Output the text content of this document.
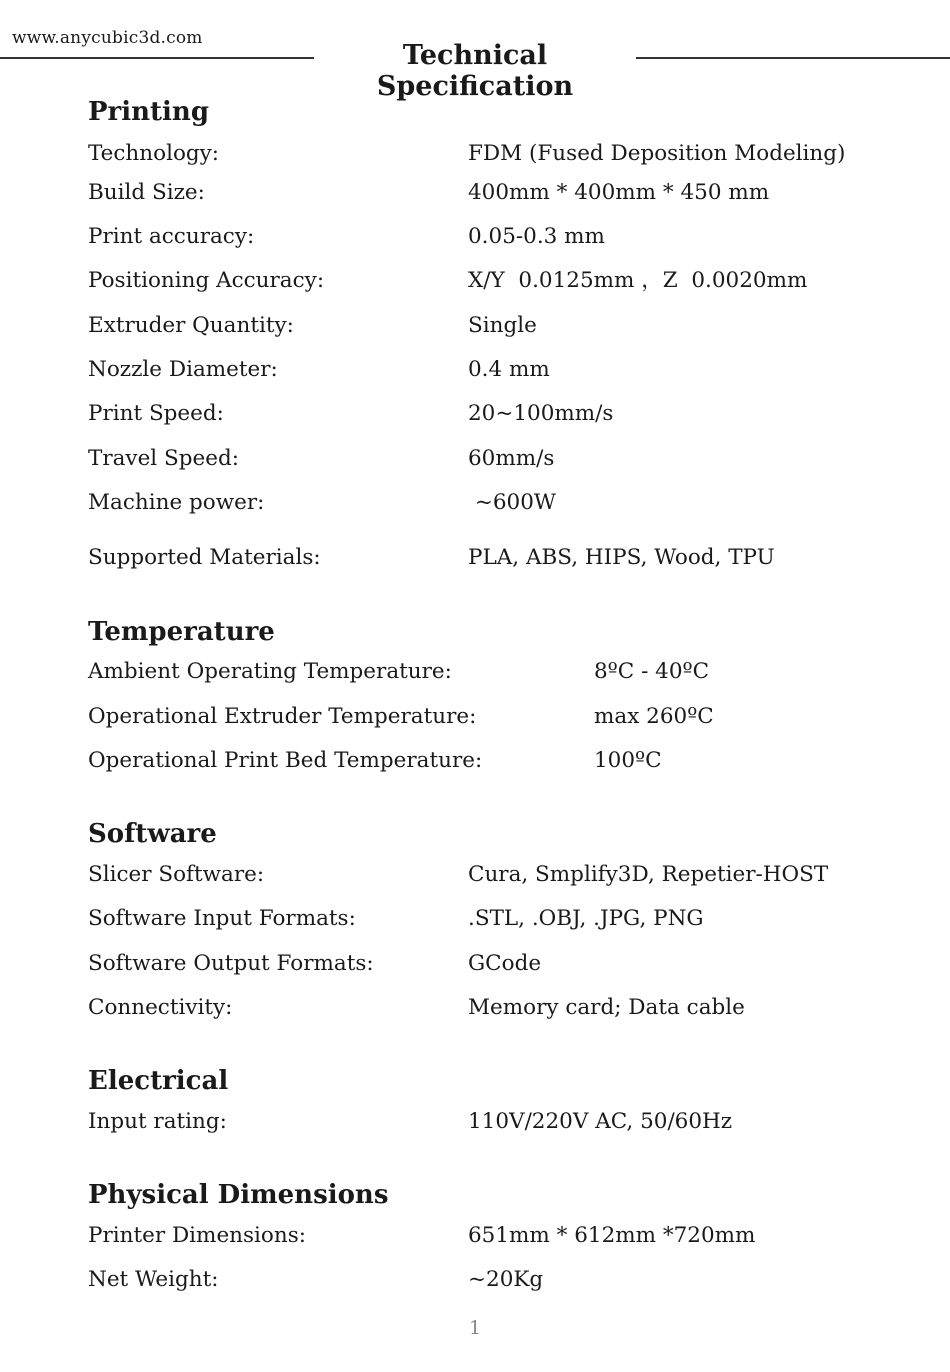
www.anycubic3d.com
Technical Specification
Printing
Technology:	FDM (Fused Deposition Modeling)
Build Size:	400mm * 400mm * 450 mm
Print accuracy:	0.05-0.3 mm
Positioning Accuracy:	X/Y  0.0125mm ，Z  0.0020mm
Extruder Quantity:	Single
Nozzle Diameter:	0.4 mm
Print Speed:	20~100mm/s
Travel Speed:	60mm/s
Machine power:	~600W
Supported Materials:	PLA, ABS, HIPS, Wood, TPU
Temperature
Ambient Operating Temperature:	8ºC - 40ºC
Operational Extruder Temperature:	max 260ºC
Operational Print Bed Temperature:	100ºC
Software
Slicer Software:	Cura, Smplify3D, Repetier-HOST
Software Input Formats:	.STL, .OBJ, .JPG, PNG
Software Output Formats:	GCode
Connectivity:	Memory card; Data cable
Electrical
Input rating:	110V/220V AC, 50/60Hz
Physical Dimensions
Printer Dimensions:	651mm * 612mm *720mm
Net Weight:	~20Kg
1
